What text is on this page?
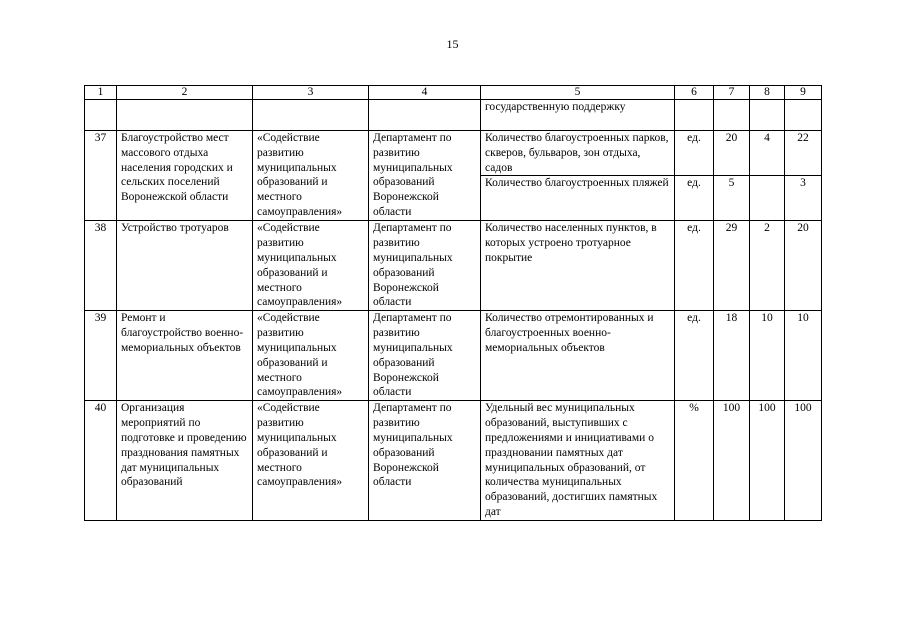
15
1	2	3	4	5	6	7	8	9
				государственную поддержку				
37	Благоустройство мест массового отдыха населения городских и сельских поселений Воронежской области	«Содействие развитию муниципальных образований и местного самоуправления»	Департамент по развитию муниципальных образований Воронежской области	Количество благоустроенных парков, скверов, бульваров, зон отдыха, садов	ед.	20	4	22
				Количество благоустроенных пляжей	ед.	5		3
38	Устройство тротуаров	«Содействие развитию муниципальных образований и местного самоуправления»	Департамент по развитию муниципальных образований Воронежской области	Количество населенных пунктов, в которых устроено тротуарное покрытие	ед.	29	2	20
39	Ремонт и благоустройство военно-мемориальных объектов	«Содействие развитию муниципальных образований и местного самоуправления»	Департамент по развитию муниципальных образований Воронежской области	Количество отремонтированных и благоустроенных военно-мемориальных объектов	ед.	18	10	10
40	Организация мероприятий по подготовке и проведению празднования памятных дат муниципальных образований	«Содействие развитию муниципальных образований и местного самоуправления»	Департамент по развитию муниципальных образований Воронежской области	Удельный вес муниципальных образований, выступивших с предложениями и инициативами о праздновании памятных дат муниципальных образований, от количества муниципальных образований, достигших памятных дат	%	100	100	100
